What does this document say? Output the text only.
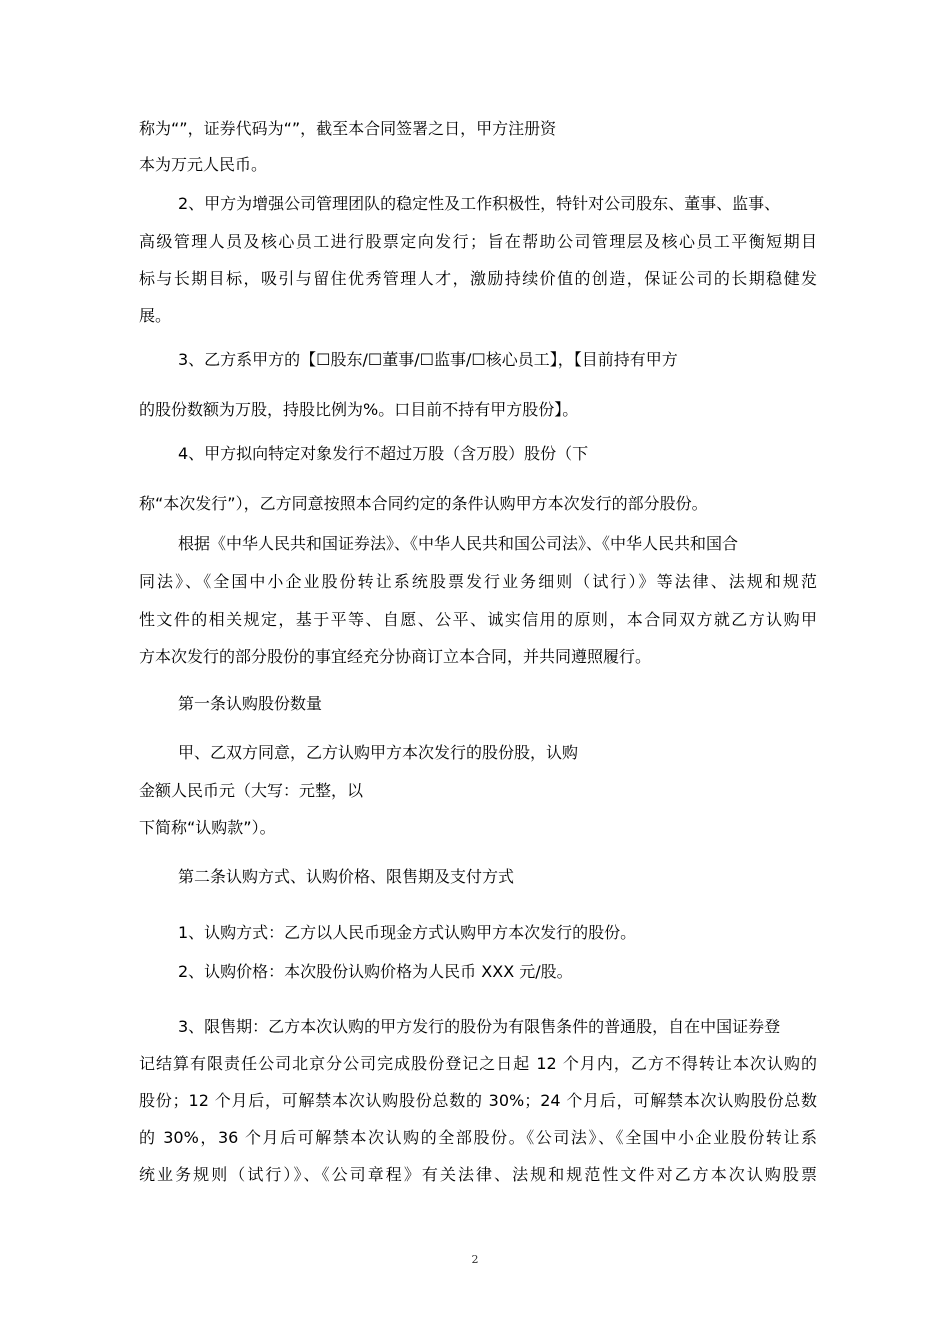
称为“”，证券代码为“”，截至本合同签署之日，甲方注册资
本为万元人民币。
2、甲方为增强公司管理团队的稳定性及工作积极性，特针对公司股东、董事、监事、
高级管理人员及核心员工进行股票定向发行；旨在帮助公司管理层及核心员工平衡短期目
标与长期目标，吸引与留住优秀管理人才，激励持续价值的创造，保证公司的长期稳健发
展。
3、乙方系甲方的【☐股东/☐董事/☐监事/☐核心员工】，【目前持有甲方
的股份数额为万股，持股比例为%。口目前不持有甲方股份】。
4、甲方拟向特定对象发行不超过万股（含万股）股份（下
称“本次发行”），乙方同意按照本合同约定的条件认购甲方本次发行的部分股份。
根据《中华人民共和国证券法》、《中华人民共和国公司法》、《中华人民共和国合
同法》、《全国中小企业股份转让系统股票发行业务细则（试行）》等法律、法规和规范
性文件的相关规定，基于平等、自愿、公平、诚实信用的原则，本合同双方就乙方认购甲
方本次发行的部分股份的事宜经充分协商订立本合同，并共同遵照履行。
第一条认购股份数量
甲、乙双方同意，乙方认购甲方本次发行的股份股，认购
金额人民币元（大写：元整，以
下简称“认购款”）。
第二条认购方式、认购价格、限售期及支付方式
1、认购方式：乙方以人民币现金方式认购甲方本次发行的股份。
2、认购价格：本次股份认购价格为人民币 XXX 元/股。
3、限售期：乙方本次认购的甲方发行的股份为有限售条件的普通股，自在中国证券登
记结算有限责任公司北京分公司完成股份登记之日起 12 个月内，乙方不得转让本次认购的
股份；12 个月后，可解禁本次认购股份总数的 30%；24 个月后，可解禁本次认购股份总数
的 30%，36 个月后可解禁本次认购的全部股份。《公司法》、《全国中小企业股份转让系
统业务规则（试行）》、《公司章程》有关法律、法规和规范性文件对乙方本次认购股票
2
